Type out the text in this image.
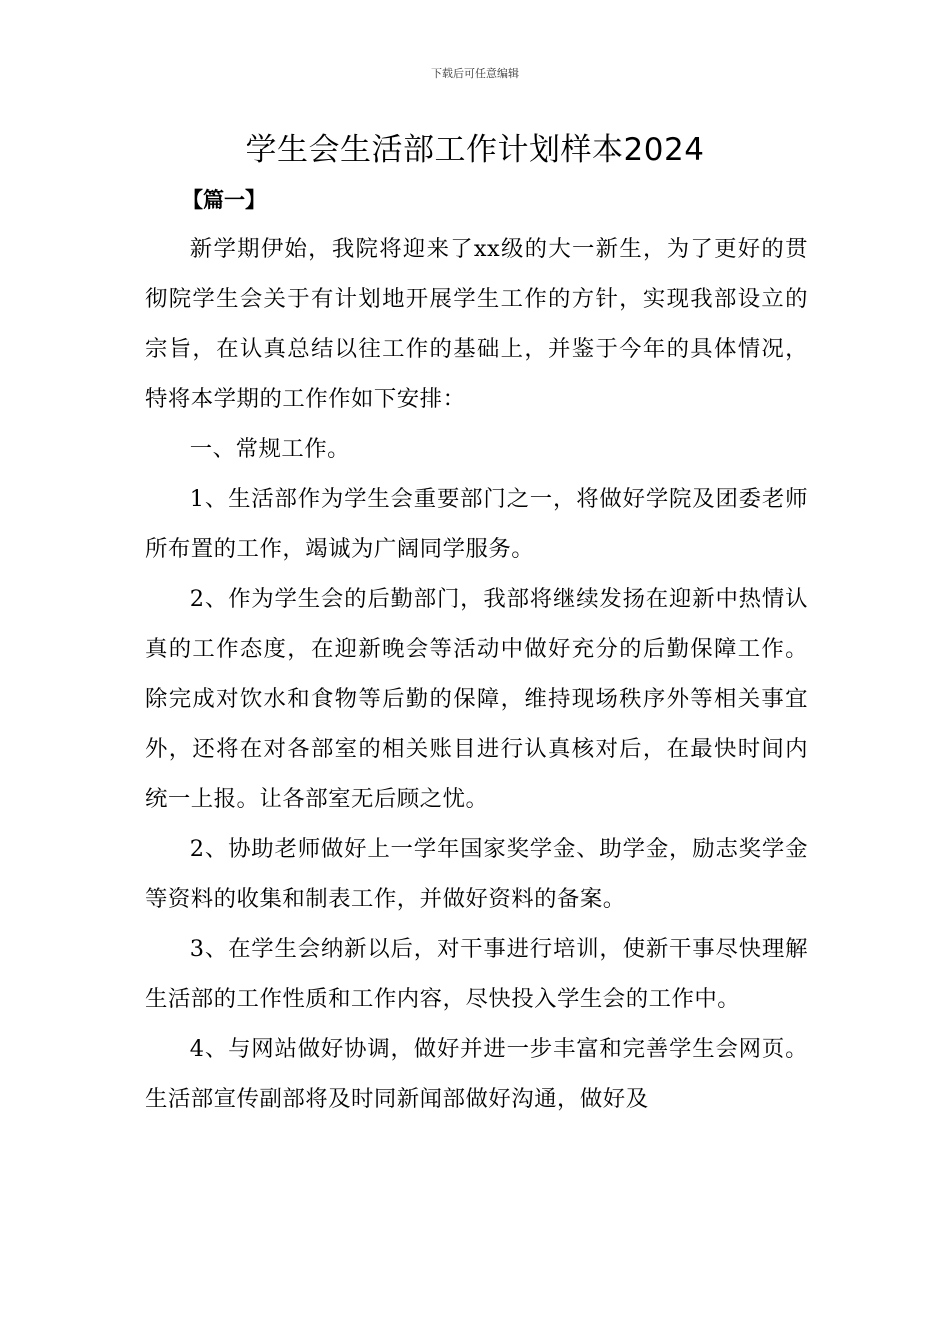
下载后可任意编辑
学生会生活部工作计划样本2024
【篇一】

新学期伊始，我院将迎来了xx级的大一新生，为了更好的贯彻院学生会关于有计划地开展学生工作的方针，实现我部设立的宗旨，在认真总结以往工作的基础上，并鉴于今年的具体情况，特将本学期的工作作如下安排：

一、常规工作。

1、生活部作为学生会重要部门之一，将做好学院及团委老师所布置的工作，竭诚为广阔同学服务。

2、作为学生会的后勤部门，我部将继续发扬在迎新中热情认真的工作态度，在迎新晚会等活动中做好充分的后勤保障工作。除完成对饮水和食物等后勤的保障，维持现场秩序外等相关事宜外，还将在对各部室的相关账目进行认真核对后，在最快时间内统一上报。让各部室无后顾之忧。

2、协助老师做好上一学年国家奖学金、助学金，励志奖学金等资料的收集和制表工作，并做好资料的备案。

3、在学生会纳新以后，对干事进行培训，使新干事尽快理解生活部的工作性质和工作内容，尽快投入学生会的工作中。

4、与网站做好协调，做好并进一步丰富和完善学生会网页。生活部宣传副部将及时同新闻部做好沟通，做好及
